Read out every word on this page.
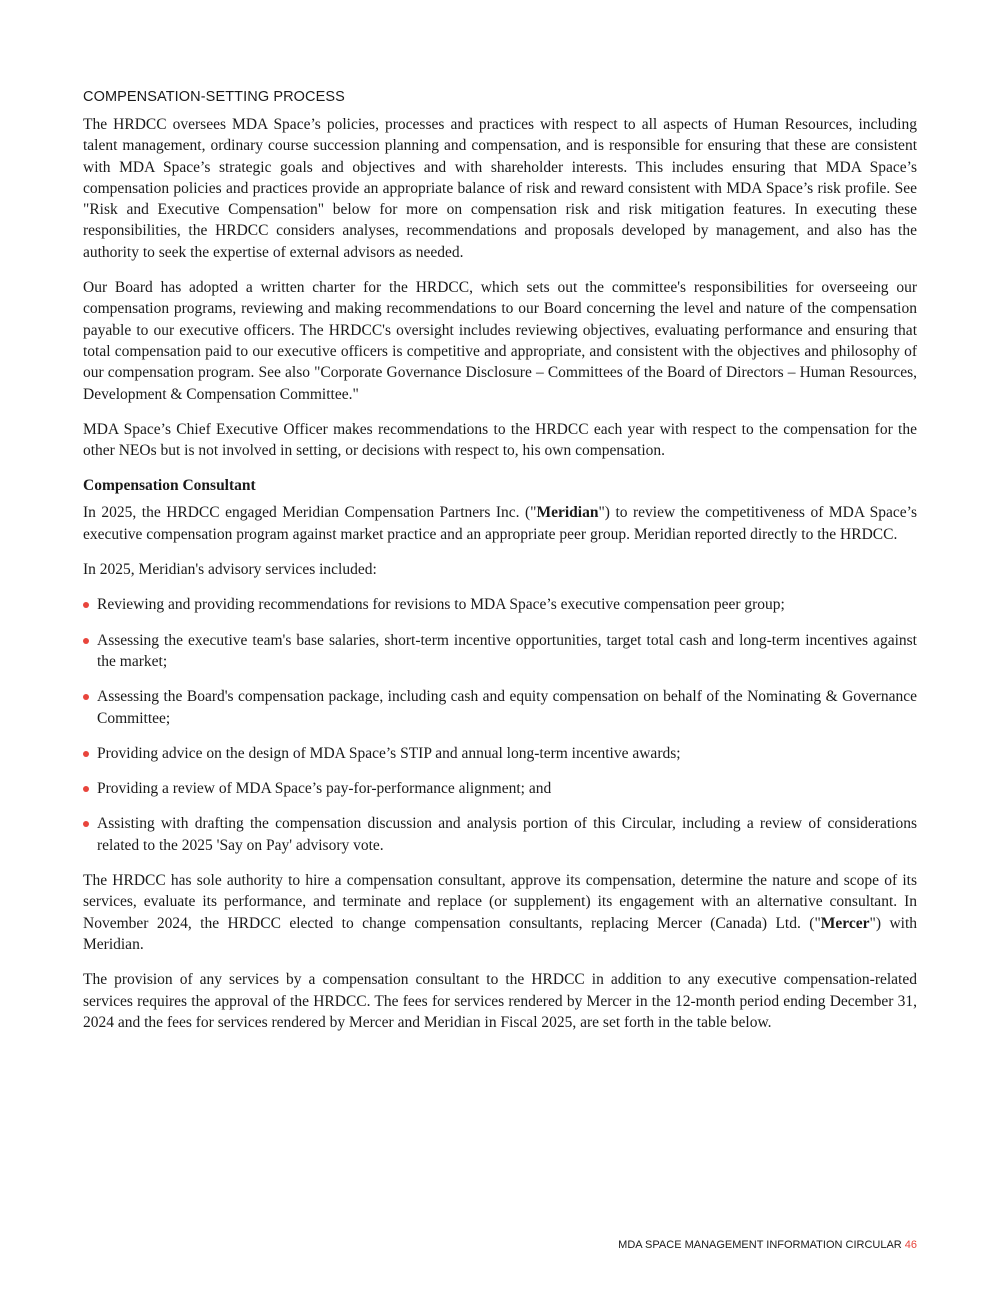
COMPENSATION-SETTING PROCESS

The HRDCC oversees MDA Space’s policies, processes and practices with respect to all aspects of Human Resources, including talent management, ordinary course succession planning and compensation, and is responsible for ensuring that these are consistent with MDA Space’s strategic goals and objectives and with shareholder interests. This includes ensuring that MDA Space’s compensation policies and practices provide an appropriate balance of risk and reward consistent with MDA Space’s risk profile. See "Risk and Executive Compensation" below for more on compensation risk and risk mitigation features. In executing these responsibilities, the HRDCC considers analyses, recommendations and proposals developed by management, and also has the authority to seek the expertise of external advisors as needed.

Our Board has adopted a written charter for the HRDCC, which sets out the committee's responsibilities for overseeing our compensation programs, reviewing and making recommendations to our Board concerning the level and nature of the compensation payable to our executive officers. The HRDCC's oversight includes reviewing objectives, evaluating performance and ensuring that total compensation paid to our executive officers is competitive and appropriate, and consistent with the objectives and philosophy of our compensation program. See also "Corporate Governance Disclosure – Committees of the Board of Directors – Human Resources, Development & Compensation Committee."

MDA Space’s Chief Executive Officer makes recommendations to the HRDCC each year with respect to the compensation for the other NEOs but is not involved in setting, or decisions with respect to, his own compensation.

Compensation Consultant

In 2025, the HRDCC engaged Meridian Compensation Partners Inc. ("Meridian") to review the competitiveness of MDA Space’s executive compensation program against market practice and an appropriate peer group. Meridian reported directly to the HRDCC.

In 2025, Meridian's advisory services included:

Reviewing and providing recommendations for revisions to MDA Space’s executive compensation peer group;
Assessing the executive team's base salaries, short-term incentive opportunities, target total cash and long-term incentives against the market;
Assessing the Board's compensation package, including cash and equity compensation on behalf of the Nominating & Governance Committee;
Providing advice on the design of MDA Space’s STIP and annual long-term incentive awards;
Providing a review of MDA Space’s pay-for-performance alignment; and
Assisting with drafting the compensation discussion and analysis portion of this Circular, including a review of considerations related to the 2025 'Say on Pay' advisory vote.

The HRDCC has sole authority to hire a compensation consultant, approve its compensation, determine the nature and scope of its services, evaluate its performance, and terminate and replace (or supplement) its engagement with an alternative consultant. In November 2024, the HRDCC elected to change compensation consultants, replacing Mercer (Canada) Ltd. ("Mercer") with Meridian.

The provision of any services by a compensation consultant to the HRDCC in addition to any executive compensation-related services requires the approval of the HRDCC. The fees for services rendered by Mercer in the 12-month period ending December 31, 2024 and the fees for services rendered by Mercer and Meridian in Fiscal 2025, are set forth in the table below.

MDA SPACE MANAGEMENT INFORMATION CIRCULAR 46
